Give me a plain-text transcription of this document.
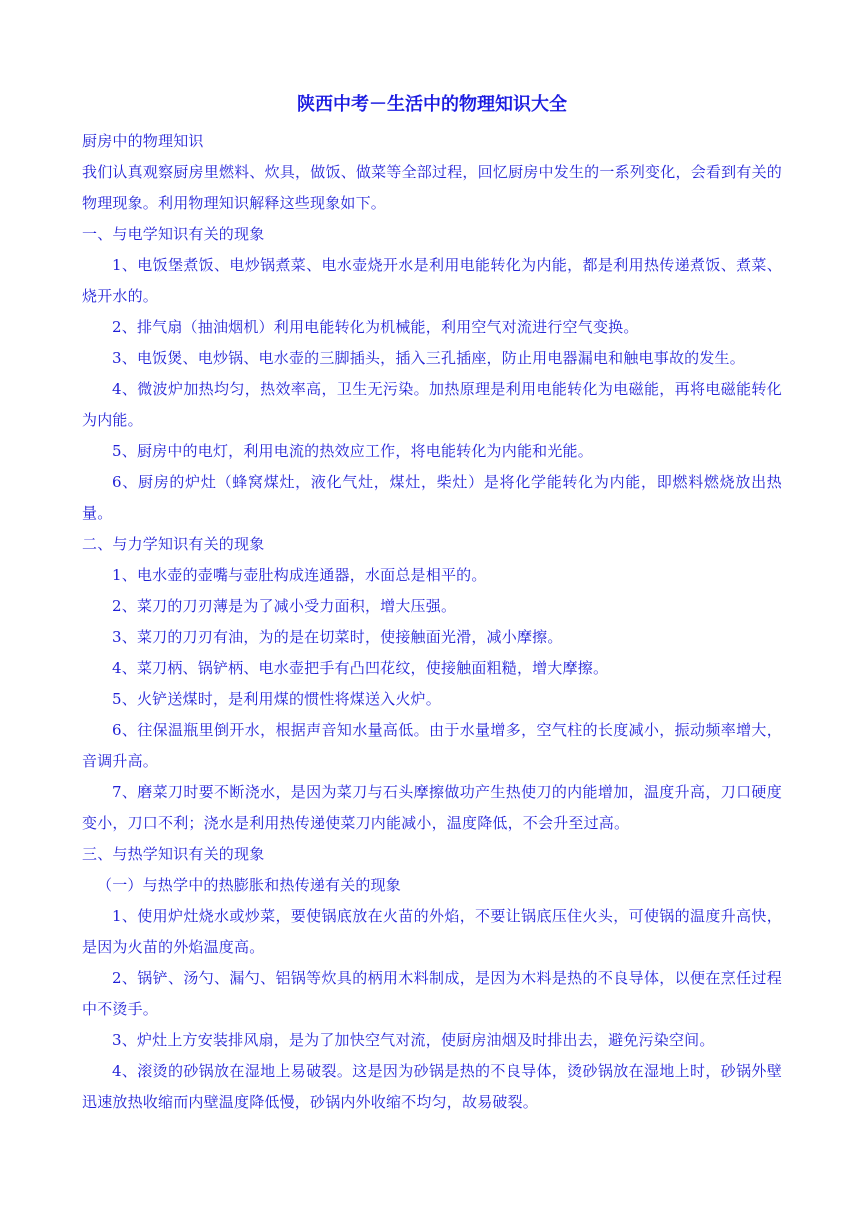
陕西中考－生活中的物理知识大全

厨房中的物理知识

我们认真观察厨房里燃料、炊具，做饭、做菜等全部过程，回忆厨房中发生的一系列变化，会看到有关的物理现象。利用物理知识解释这些现象如下。

一、与电学知识有关的现象

1、电饭堡煮饭、电炒锅煮菜、电水壶烧开水是利用电能转化为内能，都是利用热传递煮饭、煮菜、烧开水的。

2、排气扇（抽油烟机）利用电能转化为机械能，利用空气对流进行空气变换。

3、电饭煲、电炒锅、电水壶的三脚插头，插入三孔插座，防止用电器漏电和触电事故的发生。

4、微波炉加热均匀，热效率高，卫生无污染。加热原理是利用电能转化为电磁能，再将电磁能转化为内能。

5、厨房中的电灯，利用电流的热效应工作，将电能转化为内能和光能。

6、厨房的炉灶（蜂窝煤灶，液化气灶，煤灶，柴灶）是将化学能转化为内能，即燃料燃烧放出热量。

二、与力学知识有关的现象

1、电水壶的壶嘴与壶肚构成连通器，水面总是相平的。

2、菜刀的刀刃薄是为了减小受力面积，增大压强。

3、菜刀的刀刃有油，为的是在切菜时，使接触面光滑，减小摩擦。

4、菜刀柄、锅铲柄、电水壶把手有凸凹花纹，使接触面粗糙，增大摩擦。

5、火铲送煤时，是利用煤的惯性将煤送入火炉。

6、往保温瓶里倒开水，根据声音知水量高低。由于水量增多，空气柱的长度减小，振动频率增大，音调升高。

7、磨菜刀时要不断浇水，是因为菜刀与石头摩擦做功产生热使刀的内能增加，温度升高，刀口硬度变小，刀口不利；浇水是利用热传递使菜刀内能减小，温度降低，不会升至过高。

三、与热学知识有关的现象

（一）与热学中的热膨胀和热传递有关的现象

1、使用炉灶烧水或炒菜，要使锅底放在火苗的外焰，不要让锅底压住火头，可使锅的温度升高快，是因为火苗的外焰温度高。

2、锅铲、汤勺、漏勺、铝锅等炊具的柄用木料制成，是因为木料是热的不良导体，以便在烹任过程中不烫手。

3、炉灶上方安装排风扇，是为了加快空气对流，使厨房油烟及时排出去，避免污染空间。

4、滚烫的砂锅放在湿地上易破裂。这是因为砂锅是热的不良导体，烫砂锅放在湿地上时，砂锅外壁迅速放热收缩而内壁温度降低慢，砂锅内外收缩不均匀，故易破裂。
